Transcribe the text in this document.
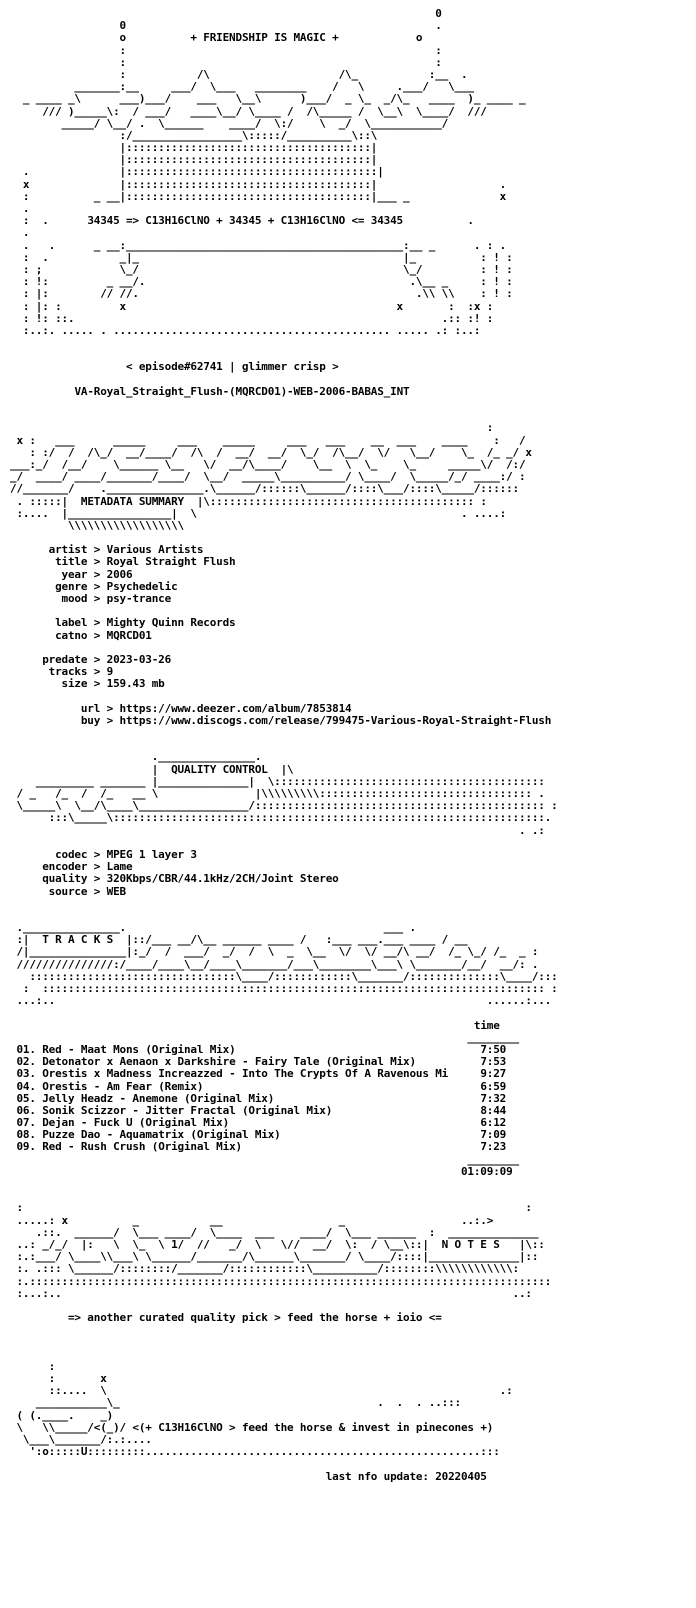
0

0                                                .

o          + FRIENDSHIP IS MAGIC +            o

:                                                :

:                                                :

:           /\                    /\_           :__  .

_______:__     ___/  \___   ________    /   \     .___/   \___

_ ____ _\      ___)___/    ___   \__\      )___/  _ \_  _/\_   ____  )_ ____ _

/// )_____\:  / ___/   ____\__/ \____ /  /\_____ /  \__\  \____/  ///

_____/ \__/ .  \______    ____/  \:/    \  _/  \___________/

:/_________________\:::::/__________\::\

|::::::::::::::::::::::::::::::::::::::|

|::::::::::::::::::::::::::::::::::::::|

.              |:::::::::::::::::::::::::::::::::::::::|

x              |::::::::::::::::::::::::::::::::::::::|                   .

:          _ __|::::::::::::::::::::::::::::::::::::::|___ _              x

.

:  .      34345 => C13H16ClNO + 34345 + C13H16ClNO <= 34345          .

.

.   .      _ __:___________________________________________:__ _      . : .

:  .           _|_                                         |_          : ! :

: ;            \_/                                         \_/         : ! :

: !:         _ __/.                                         .\__ _     : ! :

: |:        // //.                                           .\\ \\    : ! :

: |: :         x                                          x       :  :x :

: !: ::.                                                         .:: :! :

:..:. ..... . ........................................... ..... .: :..:

< episode#62741 | glimmer crisp >

VA-Royal_Straight_Flush-(MQRCD01)-WEB-2006-BABAS_INT

:

x :   ___      _____     ___    _____     ___   ___    __  ___    ____    :   /

: :/  /  /\_/  __/____/  /\  /  __/  __/  \_/  /\__/  \/   \__/    \_  /_ _/ x

___:_/  /__/    \______ \__   \/  __/\____/    \__  \  \_    \_     _____\/  /:/

_/  ____/ ____/_______/____/  \__/  _____\__________/ \____/  \_____/_/ ____:/ :

//_______/    ._______________.\______/::::::\______/::::\___/::::\_____/::::::

. :::::|  METADATA SUMMARY  |\::::::::::::::::::::::::::::::::::::::::: :

:....  |________________|  \                                         . ....:

\\\\\\\\\\\\\\\\\\

artist > Various Artists

title > Royal Straight Flush

year > 2006

genre > Psychedelic

mood > psy-trance

label > Mighty Quinn Records

catno > MQRCD01

predate > 2023-03-26

tracks > 9

size > 159.43 mb

url > https://www.deezer.com/album/7853814

buy > https://www.discogs.com/release/799475-Various-Royal-Straight-Flush

._______________.

|  QUALITY CONTROL  |\

_________ _______ |______________|  \::::::::::::::::::::::::::::::::::::::::::

/ _   /_  /  /_   __ \               |\\\\\\\\\::::::::::::::::::::::::::::::::: .

\_____\  \__/\____\_________________/::::::::::::::::::::::::::::::::::::::::::::: :

:::\_____\:::::::::::::::::::::::::::::::::::::::::::::::::::::::::::::::::::.

. .:

codec > MPEG 1 layer 3

encoder > Lame

quality > 320Kbps/CBR/44.1kHz/2CH/Joint Stereo

source > WEB

._______________.                                        ___ .

:|  T R A C K S  |::/___ __/\__ ______ ____ /   :___ ___.___ ____ / __

/|_______________|:_/  /  ___/  _/  /  \  _  \__  \/  \/ __/\ __/  /_ \_/ /_  _ :

///////////////:/____/____\__/____\_______/___\________\___\ \_______/__/  __/: .

::::::::::::::::::::::::::::::::\____/::::::::::::\_______/::::::::::::::\____/:::

:  :::::::::::::::::::::::::::::::::::::::::::::::::::::::::::::::::::::::::::::: :

...:..                                                                   ......:...

time

________

01. Red - Maat Mons (Original Mix)                                      7:50

02. Detonator x Aenaon x Darkshire - Fairy Tale (Original Mix)          7:53

03. Orestis x Madness Increazzed - Into The Crypts Of A Ravenous Mi     9:27

04. Orestis - Am Fear (Remix)                                           6:59

05. Jelly Headz - Anemone (Original Mix)                                7:32

06. Sonik Scizzor - Jitter Fractal (Original Mix)                       8:44

07. Dejan - Fuck U (Original Mix)                                       6:12

08. Puzze Dao - Aquamatrix (Original Mix)                               7:09

09. Red - Rush Crush (Original Mix)                                     7:23

________

01:09:09

:                                                                              :

.....: x          _           __                  _                  ..:.>

.::.  ______/  \___ ____/  \____  ___    ____/  \___ ______  :  ______________

..: _/_/  |:   \  \_  \ 1/  //   _/  \   \//  __/  \:  / \__\::|  N O T E S   |\::

:.:___/ \____\\___\ \______/_______/\______\_______/ \____/::::|______________|::

:. .::: \______/::::::::/_______/::::::::::::\__________/::::::::\\\\\\\\\\\\:

:.:::::::::::::::::::::::::::::::::::::::::::::::::::::::::::::::::::::::::::::::::

:...:..                                                                      ..:

=> another curated quality pick > feed the horse + ioio <=

:

:       x

::....  \                                                             .:

___________\_                                        .  .  . ..:::

( (.____.    _)

\   \\_____/<(_)/ <(+ C13H16ClNO > feed the horse & invest in pinecones +)

\___\_______/:.:....

':o:::::U:::::::::....................................................:::

last nfo update: 20220405
